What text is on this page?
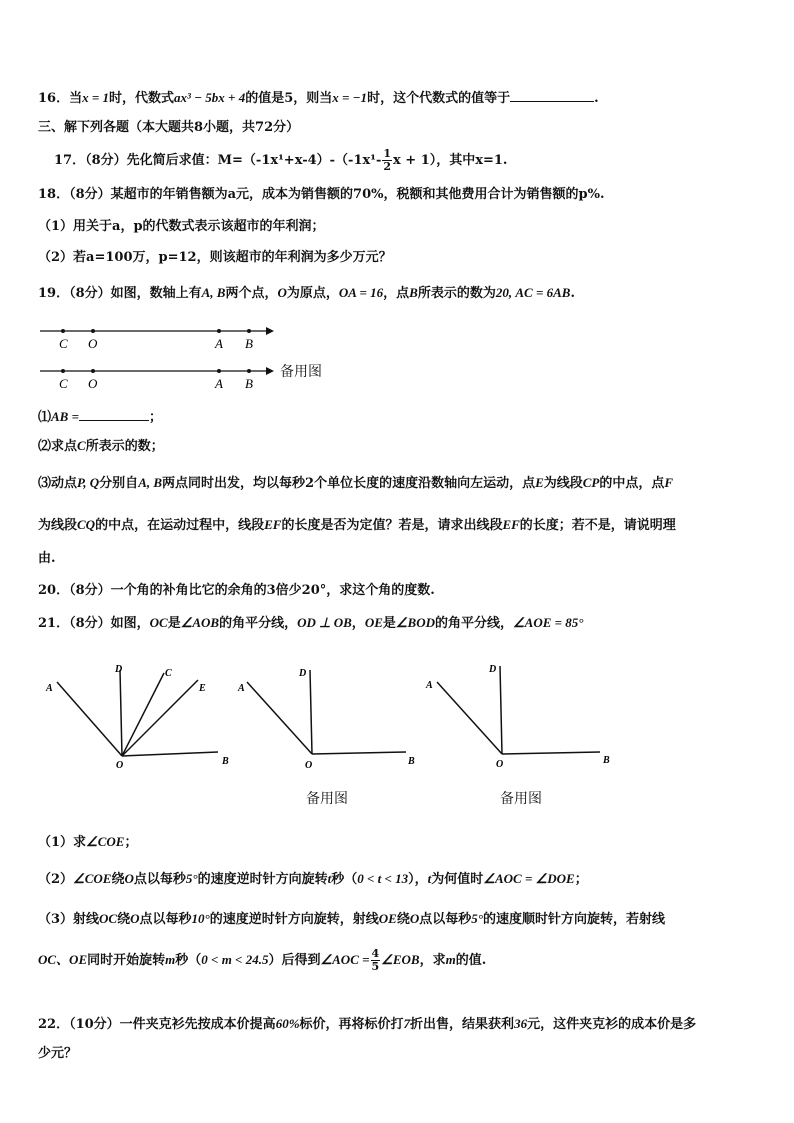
16．当x = 1时，代数式ax³ − 5bx + 4的值是5，则当x = −1时，这个代数式的值等于	.
三、解下列各题（本大题共8小题，共72分）
17．（8分）先化简后求值：$M=(-1x^1+x-4)-(-1x^1- \frac{1}{2}$ x + 1），其中x=1.
18．（8分）某超市的年销售额为a元，成本为销售额的70%，税额和其他费用合计为销售额的p%.
（1）用关于a，p的代数式表示该超市的年利润；
（2）若a=100万，p=12，则该超市的年利润为多少万元？
19．（8分）如图，数轴上有A, B两个点，O为原点，OA = 16，点B所表示的数为20, AC = 6AB.
C O	A B
C O	A B
备用图
⑴AB =	；
⑵求点C所表示的数；
⑶动点P, Q分别自A, B两点同时出发，均以每秒2个单位长度的速度沿数轴向左运动，点E为线段CP的中点，点F
为线段CQ的中点，在运动过程中，线段EF的长度是否为定值？若是，请求出线段EF的长度；若不是，请说明理
由.
20．（8分）一个角的补角比它的余角的3倍少20°，求这个角的度数.
21．（8分）如图，OC是∠AOB的角平分线，OD ⊥ OB，OE是∠BOD的角平分线，∠AOE = 85°
A
D	C
E
O	B
A
D
O	B
A
D
O	B
备用图	备用图
（1）求∠COE；
（2）∠COE绕O点以每秒5°的速度逆时针方向旋转t秒（0 < t < 13），t为何值时∠AOC = ∠DOE；
（3）射线OC绕O点以每秒10°的速度逆时针方向旋转，射线OE绕O点以每秒5°的速度顺时针方向旋转，若射线
OC、OE同时开始旋转m秒（0 < m < 24.5）后得到∠AOC = $\frac{4}{5}$ ∠EOB，求m的值.
22．（10分）一件夹克衫先按成本价提高60%标价，再将标价打7折出售，结果获利36元，这件夹克衫的成本价是多
少元？
